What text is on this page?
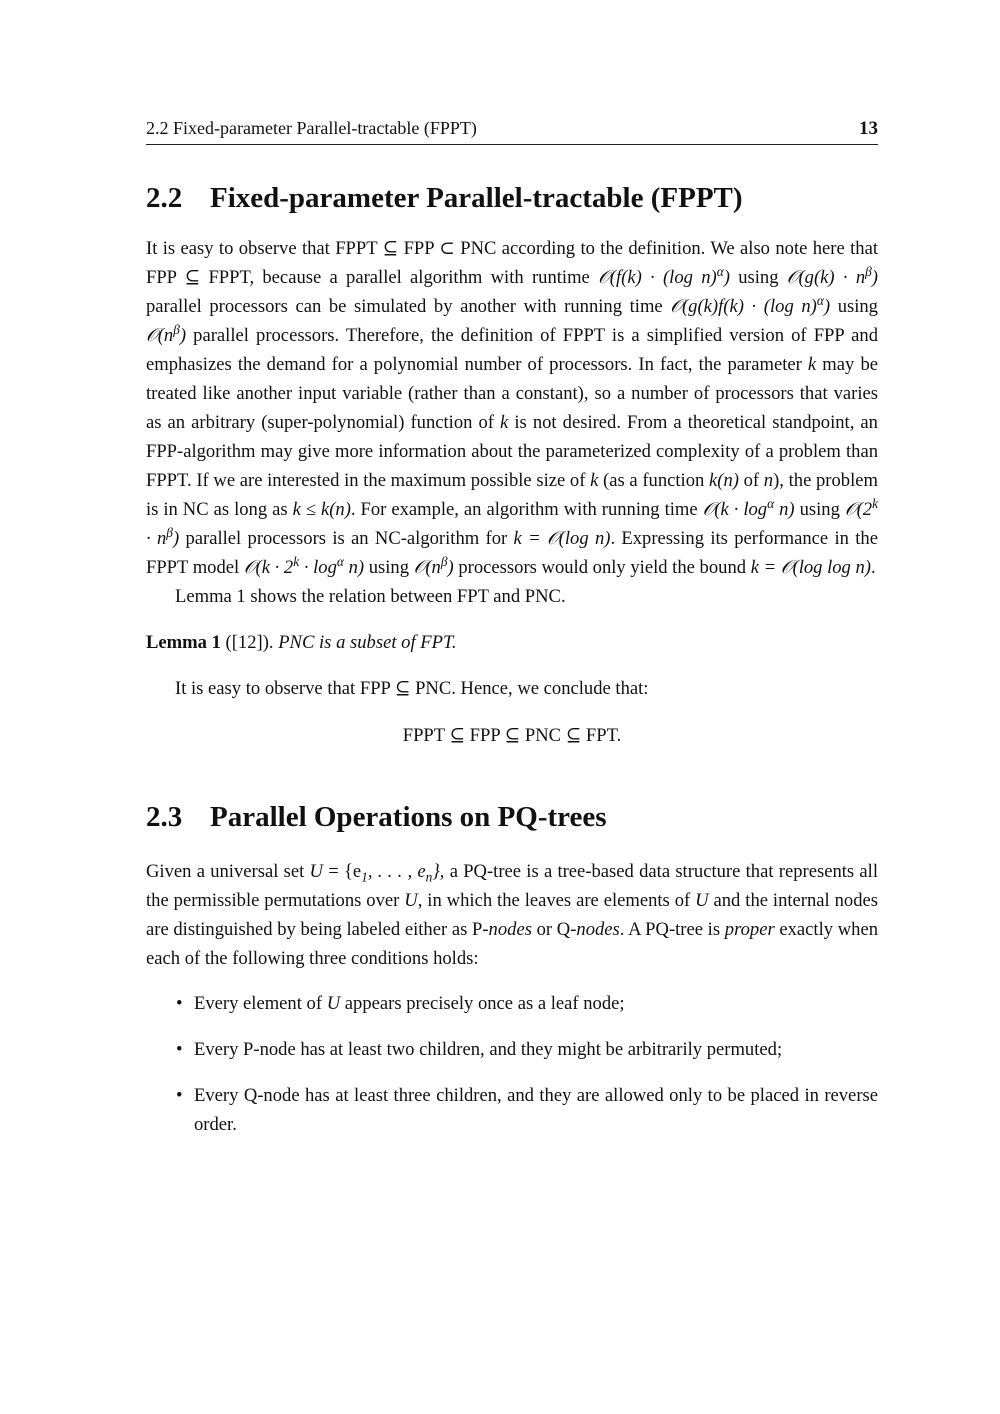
2.2 Fixed-parameter Parallel-tractable (FPPT)	13
2.2 Fixed-parameter Parallel-tractable (FPPT)

It is easy to observe that FPPT ⊆ FPP ⊂ PNC according to the definition. We also note here that FPP ⊆ FPPT, because a parallel algorithm with runtime 𝒪(f(k) · (log n)$^\alpha$) using 𝒪(g(k) · $n^\beta$) parallel processors can be simulated by another with running time 𝒪(g(k)f(k) · (log n)$^\alpha$) using $𝒪(n^\beta)$ parallel processors. Therefore, the definition of FPPT is a simplified version of FPP and emphasizes the demand for a polynomial number of processors. In fact, the parameter k may be treated like another input variable (rather than a constant), so a number of processors that varies as an arbitrary (super-polynomial) function of k is not desired. From a theoretical standpoint, an FPP-algorithm may give more information about the parameterized complexity of a problem than FPPT. If we are interested in the maximum possible size of k (as a function k(n) of n), the problem is in NC as long as k ≤ k(n). For example, an algorithm with running time 𝒪(k · $\log^\alpha n$) using $𝒪(2^k \cdot n^\beta)$ parallel processors is an NC-algorithm for k = 𝒪(log n). Expressing its performance in the FPPT model 𝒪(k · $2^k \cdot \log^\alpha n$) using $𝒪(n^\beta)$ processors would only yield the bound k = 𝒪(log log n).

Lemma 1 shows the relation between FPT and PNC.

Lemma 1 ([12]). PNC is a subset of FPT.

It is easy to observe that FPP ⊆ PNC. Hence, we conclude that:

FPPT ⊆ FPP ⊆ PNC ⊆ FPT.
2.3 Parallel Operations on PQ-trees

Given a universal set $U = \{e_1$, . . . , $e_n$}, a PQ-tree is a tree-based data structure that represents all the permissible permutations over U, in which the leaves are elements of U and the internal nodes are distinguished by being labeled either as P-nodes or Q-nodes. A PQ-tree is proper exactly when each of the following three conditions holds:

• Every element of U appears precisely once as a leaf node;
• Every P-node has at least two children, and they might be arbitrarily permuted;
• Every Q-node has at least three children, and they are allowed only to be placed in reverse order.
